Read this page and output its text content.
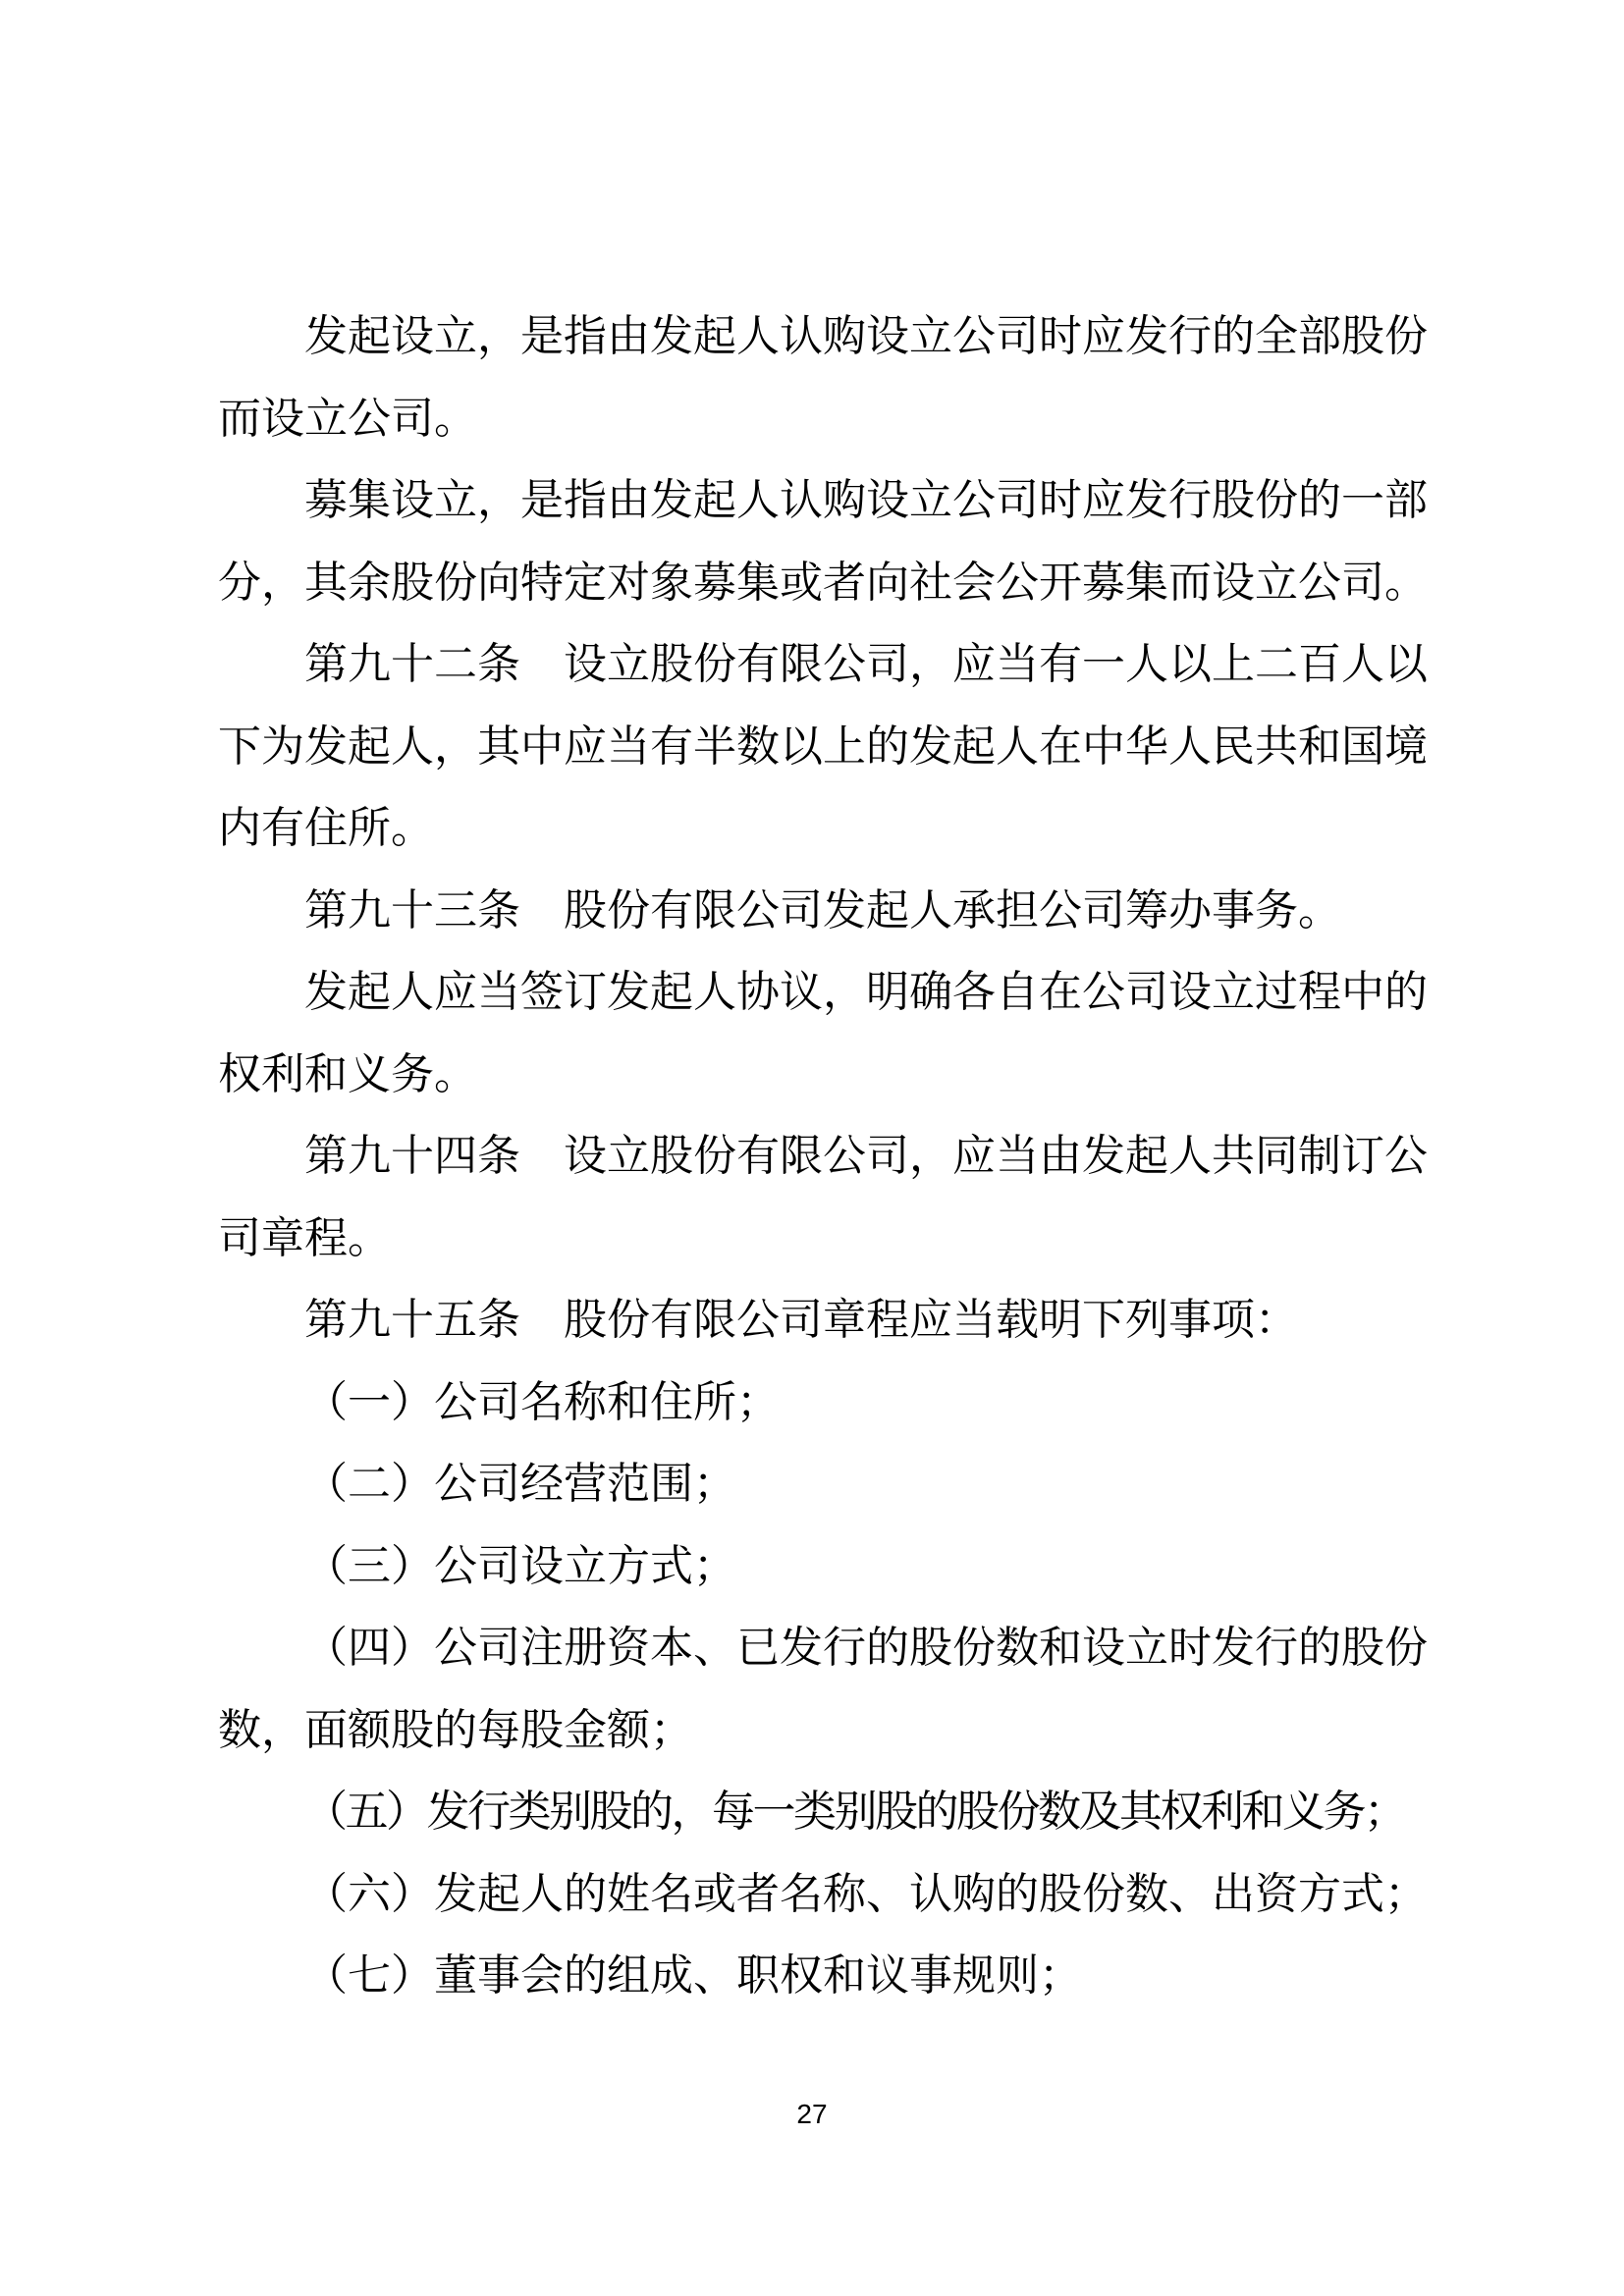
发起设立，是指由发起人认购设立公司时应发行的全部股份而设立公司。

募集设立，是指由发起人认购设立公司时应发行股份的一部分，其余股份向特定对象募集或者向社会公开募集而设立公司。

第九十二条　设立股份有限公司，应当有一人以上二百人以下为发起人，其中应当有半数以上的发起人在中华人民共和国境内有住所。

第九十三条　股份有限公司发起人承担公司筹办事务。

发起人应当签订发起人协议，明确各自在公司设立过程中的权利和义务。

第九十四条　设立股份有限公司，应当由发起人共同制订公司章程。

第九十五条　股份有限公司章程应当载明下列事项：

（一）公司名称和住所；

（二）公司经营范围；

（三）公司设立方式；

（四）公司注册资本、已发行的股份数和设立时发行的股份数，面额股的每股金额；

（五）发行类别股的，每一类别股的股份数及其权利和义务；

（六）发起人的姓名或者名称、认购的股份数、出资方式；

（七）董事会的组成、职权和议事规则；

27
